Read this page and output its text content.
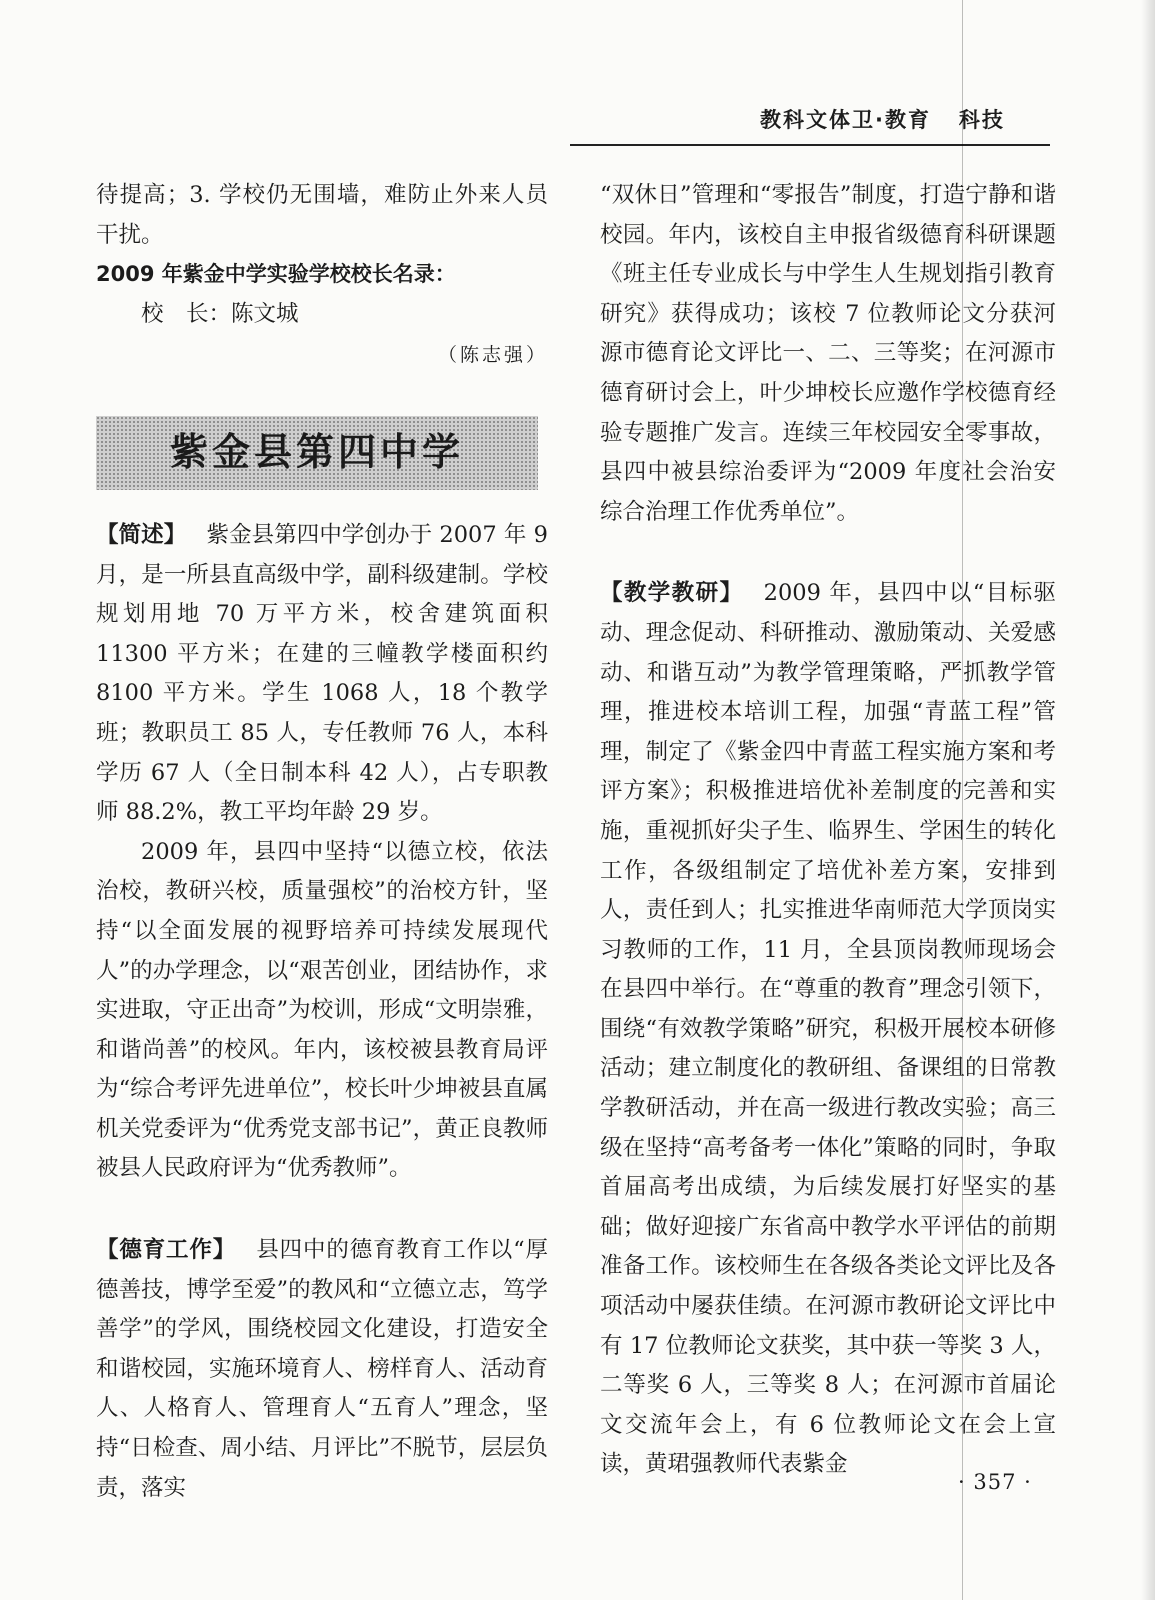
教科文体卫·教育 科技

待提高；3. 学校仍无围墙，难防止外来人员干扰。

2009 年紫金中学实验学校校长名录：

校　长：陈文城

（陈志强）

紫金县第四中学

【简述】 紫金县第四中学创办于 2007 年 9 月，是一所县直高级中学，副科级建制。学校规划用地 70 万平方米，校舍建筑面积 11300 平方米；在建的三幢教学楼面积约 8100 平方米。学生 1068 人，18 个教学班；教职员工 85 人，专任教师 76 人，本科学历 67 人（全日制本科 42 人），占专职教师 88.2%，教工平均年龄 29 岁。

2009 年，县四中坚持“以德立校，依法治校，教研兴校，质量强校”的治校方针，坚持“以全面发展的视野培养可持续发展现代人”的办学理念，以“艰苦创业，团结协作，求实进取，守正出奇”为校训，形成“文明崇雅，和谐尚善”的校风。年内，该校被县教育局评为“综合考评先进单位”，校长叶少坤被县直属机关党委评为“优秀党支部书记”，黄正良教师被县人民政府评为“优秀教师”。

【德育工作】 县四中的德育教育工作以“厚德善技，博学至爱”的教风和“立德立志，笃学善学”的学风，围绕校园文化建设，打造安全和谐校园，实施环境育人、榜样育人、活动育人、人格育人、管理育人“五育人”理念，坚持“日检查、周小结、月评比”不脱节，层层负责，落实

“双休日”管理和“零报告”制度，打造宁静和谐校园。年内，该校自主申报省级德育科研课题《班主任专业成长与中学生人生规划指引教育研究》获得成功；该校 7 位教师论文分获河源市德育论文评比一、二、三等奖；在河源市德育研讨会上，叶少坤校长应邀作学校德育经验专题推广发言。连续三年校园安全零事故，县四中被县综治委评为“2009 年度社会治安综合治理工作优秀单位”。

【教学教研】 2009 年，县四中以“目标驱动、理念促动、科研推动、激励策动、关爱感动、和谐互动”为教学管理策略，严抓教学管理，推进校本培训工程，加强“青蓝工程”管理，制定了《紫金四中青蓝工程实施方案和考评方案》；积极推进培优补差制度的完善和实施，重视抓好尖子生、临界生、学困生的转化工作，各级组制定了培优补差方案，安排到人，责任到人；扎实推进华南师范大学顶岗实习教师的工作，11 月，全县顶岗教师现场会在县四中举行。在“尊重的教育”理念引领下，围绕“有效教学策略”研究，积极开展校本研修活动；建立制度化的教研组、备课组的日常教学教研活动，并在高一级进行教改实验；高三级在坚持“高考备考一体化”策略的同时，争取首届高考出成绩，为后续发展打好坚实的基础；做好迎接广东省高中教学水平评估的前期准备工作。该校师生在各级各类论文评比及各项活动中屡获佳绩。在河源市教研论文评比中有 17 位教师论文获奖，其中获一等奖 3 人，二等奖 6 人，三等奖 8 人；在河源市首届论文交流年会上，有 6 位教师论文在会上宣读，黄珺强教师代表紫金

· 357 ·
